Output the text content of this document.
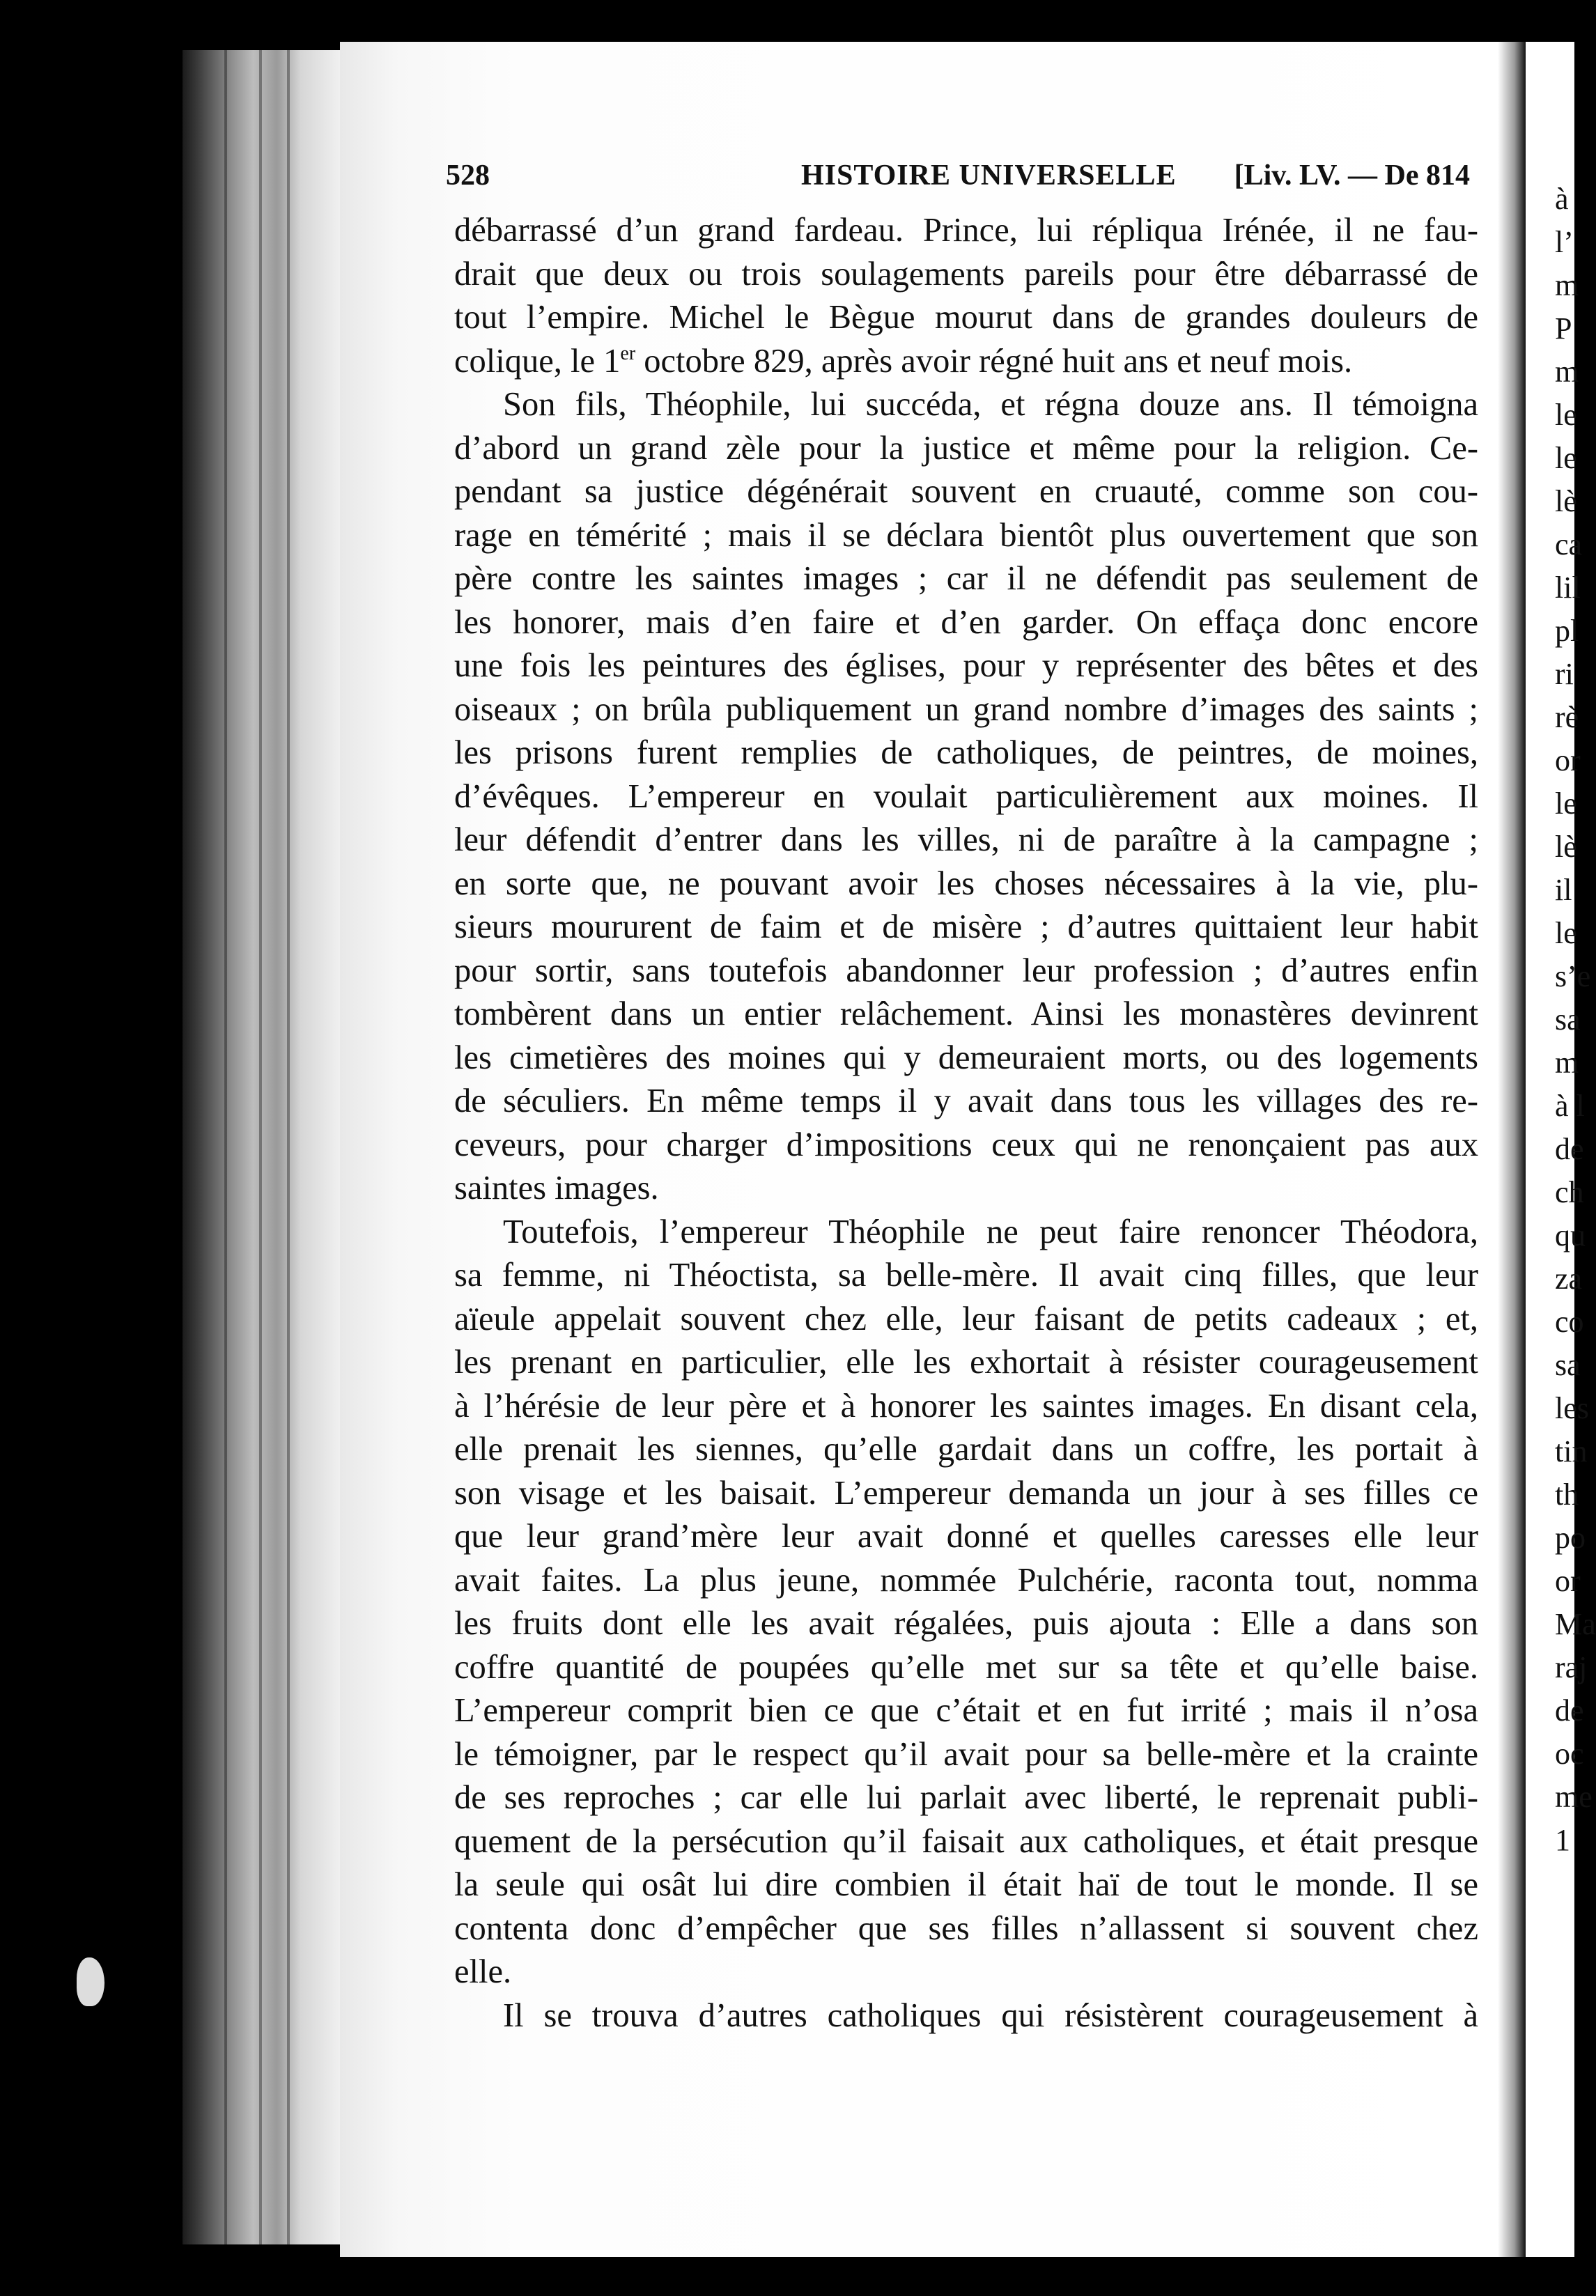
à
l’
m
P
m
le
le
lè
ca
lil
pl
ri
rè
or
le
lè
il
le
s’e
sa
m
à l
de
ch
qu
za
co
sa
les
tin
th
po
or
Ma
raj
de
oc
me
1
528	HISTOIRE UNIVERSELLE [Liv. LV. — De 814
débarrassé d’un grand fardeau. Prince, lui répliqua Irénée, il ne fau-
drait que deux ou trois soulagements pareils pour être débarrassé de
tout l’empire. Michel le Bègue mourut dans de grandes douleurs de
colique, le 1er octobre 829, après avoir régné huit ans et neuf mois.
Son fils, Théophile, lui succéda, et régna douze ans. Il témoigna
d’abord un grand zèle pour la justice et même pour la religion. Ce-
pendant sa justice dégénérait souvent en cruauté, comme son cou-
rage en témérité ; mais il se déclara bientôt plus ouvertement que son
père contre les saintes images ; car il ne défendit pas seulement de
les honorer, mais d’en faire et d’en garder. On effaça donc encore
une fois les peintures des églises, pour y représenter des bêtes et des
oiseaux ; on brûla publiquement un grand nombre d’images des saints ;
les prisons furent remplies de catholiques, de peintres, de moines,
d’évêques. L’empereur en voulait particulièrement aux moines. Il
leur défendit d’entrer dans les villes, ni de paraître à la campagne ;
en sorte que, ne pouvant avoir les choses nécessaires à la vie, plu-
sieurs moururent de faim et de misère ; d’autres quittaient leur habit
pour sortir, sans toutefois abandonner leur profession ; d’autres enfin
tombèrent dans un entier relâchement. Ainsi les monastères devinrent
les cimetières des moines qui y demeuraient morts, ou des logements
de séculiers. En même temps il y avait dans tous les villages des re-
ceveurs, pour charger d’impositions ceux qui ne renonçaient pas aux
saintes images.
Toutefois, l’empereur Théophile ne peut faire renoncer Théodora,
sa femme, ni Théoctista, sa belle-mère. Il avait cinq filles, que leur
aïeule appelait souvent chez elle, leur faisant de petits cadeaux ; et,
les prenant en particulier, elle les exhortait à résister courageusement
à l’hérésie de leur père et à honorer les saintes images. En disant cela,
elle prenait les siennes, qu’elle gardait dans un coffre, les portait à
son visage et les baisait. L’empereur demanda un jour à ses filles ce
que leur grand’mère leur avait donné et quelles caresses elle leur
avait faites. La plus jeune, nommée Pulchérie, raconta tout, nomma
les fruits dont elle les avait régalées, puis ajouta : Elle a dans son
coffre quantité de poupées qu’elle met sur sa tête et qu’elle baise.
L’empereur comprit bien ce que c’était et en fut irrité ; mais il n’osa
le témoigner, par le respect qu’il avait pour sa belle-mère et la crainte
de ses reproches ; car elle lui parlait avec liberté, le reprenait publi-
quement de la persécution qu’il faisait aux catholiques, et était presque
la seule qui osât lui dire combien il était haï de tout le monde. Il se
contenta donc d’empêcher que ses filles n’allassent si souvent chez
elle.
Il se trouva d’autres catholiques qui résistèrent courageusement à
